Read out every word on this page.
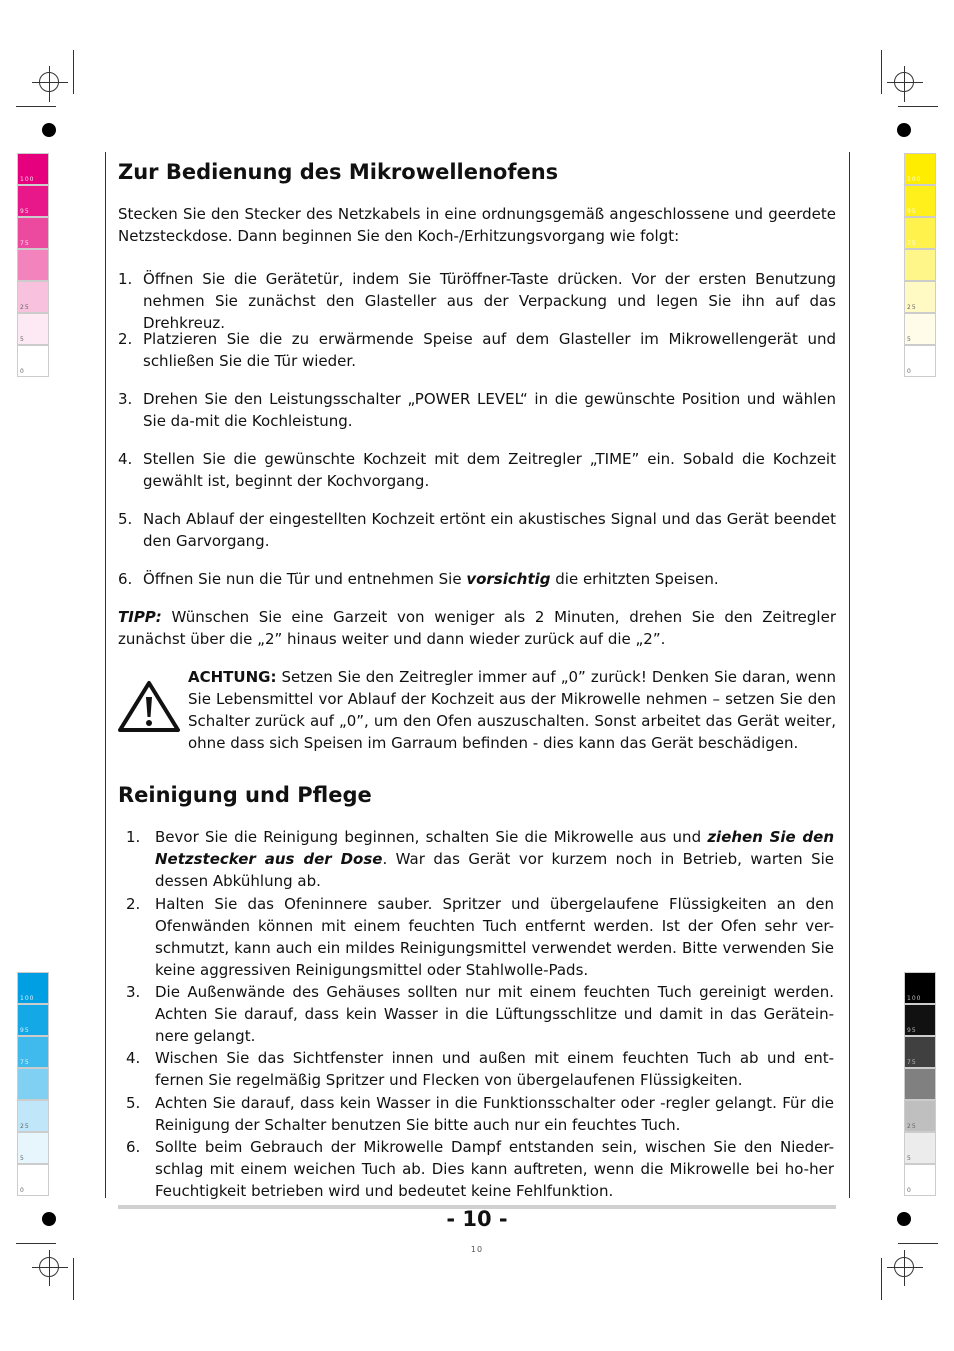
100
95
75
25
5
0
100
95
75
25
5
0
100
95
75
25
5
0
100
95
75
25
5
0
Zur Bedienung des Mikrowellenofens
Stecken Sie den Stecker des Netzkabels in eine ordnungsgemäß angeschlossene und geerdete Netzsteckdose. Dann beginnen Sie den Koch-/Erhitzungsvorgang wie folgt:
1. Öffnen Sie die Gerätetür, indem Sie Türöffner-Taste drücken. Vor der ersten Benutzung nehmen Sie zunächst den Glasteller aus der Verpackung und legen Sie ihn auf das Drehkreuz.
2. Platzieren Sie die zu erwärmende Speise auf dem Glasteller im Mikrowellengerät und schließen Sie die Tür wieder.
3. Drehen Sie den Leistungsschalter „POWER LEVEL“ in die gewünschte Position und wählen Sie da-mit die Kochleistung.
4. Stellen Sie die gewünschte Kochzeit mit dem Zeitregler „TIME” ein. Sobald die Kochzeit gewählt ist, beginnt der Kochvorgang.
5. Nach Ablauf der eingestellten Kochzeit ertönt ein akustisches Signal und das Gerät beendet den Garvorgang.
6. Öffnen Sie nun die Tür und entnehmen Sie vorsichtig die erhitzten Speisen.
TIPP: Wünschen Sie eine Garzeit von weniger als 2 Minuten, drehen Sie den Zeitregler zunächst über die „2” hinaus weiter und dann wieder zurück auf die „2”.
ACHTUNG: Setzen Sie den Zeitregler immer auf „0” zurück! Denken Sie daran, wenn Sie Lebensmittel vor Ablauf der Kochzeit aus der Mikrowelle nehmen – setzen Sie den Schalter zurück auf „0”, um den Ofen auszuschalten. Sonst arbeitet das Gerät weiter, ohne dass sich Speisen im Garraum befinden - dies kann das Gerät beschädigen.
Reinigung und Pflege
1. Bevor Sie die Reinigung beginnen, schalten Sie die Mikrowelle aus und ziehen Sie den Netzstecker aus der Dose. War das Gerät vor kurzem noch in Betrieb, warten Sie dessen Abkühlung ab.
2. Halten Sie das Ofeninnere sauber. Spritzer und übergelaufene Flüssigkeiten an den Ofenwänden können mit einem feuchten Tuch entfernt werden. Ist der Ofen sehr ver-schmutzt, kann auch ein mildes Reinigungsmittel verwendet werden. Bitte verwenden Sie keine aggressiven Reinigungsmittel oder Stahlwolle-Pads.
3. Die Außenwände des Gehäuses sollten nur mit einem feuchten Tuch gereinigt werden. Achten Sie darauf, dass kein Wasser in die Lüftungsschlitze und damit in das Gerätein-nere gelangt.
4. Wischen Sie das Sichtfenster innen und außen mit einem feuchten Tuch ab und ent-fernen Sie regelmäßig Spritzer und Flecken von übergelaufenen Flüssigkeiten.
5. Achten Sie darauf, dass kein Wasser in die Funktionsschalter oder -regler gelangt. Für die Reinigung der Schalter benutzen Sie bitte auch nur ein feuchtes Tuch.
6. Sollte beim Gebrauch der Mikrowelle Dampf entstanden sein, wischen Sie den Nieder-schlag mit einem weichen Tuch ab. Dies kann auftreten, wenn die Mikrowelle bei ho-her Feuchtigkeit betrieben wird und bedeutet keine Fehlfunktion.
- 10 -
10
